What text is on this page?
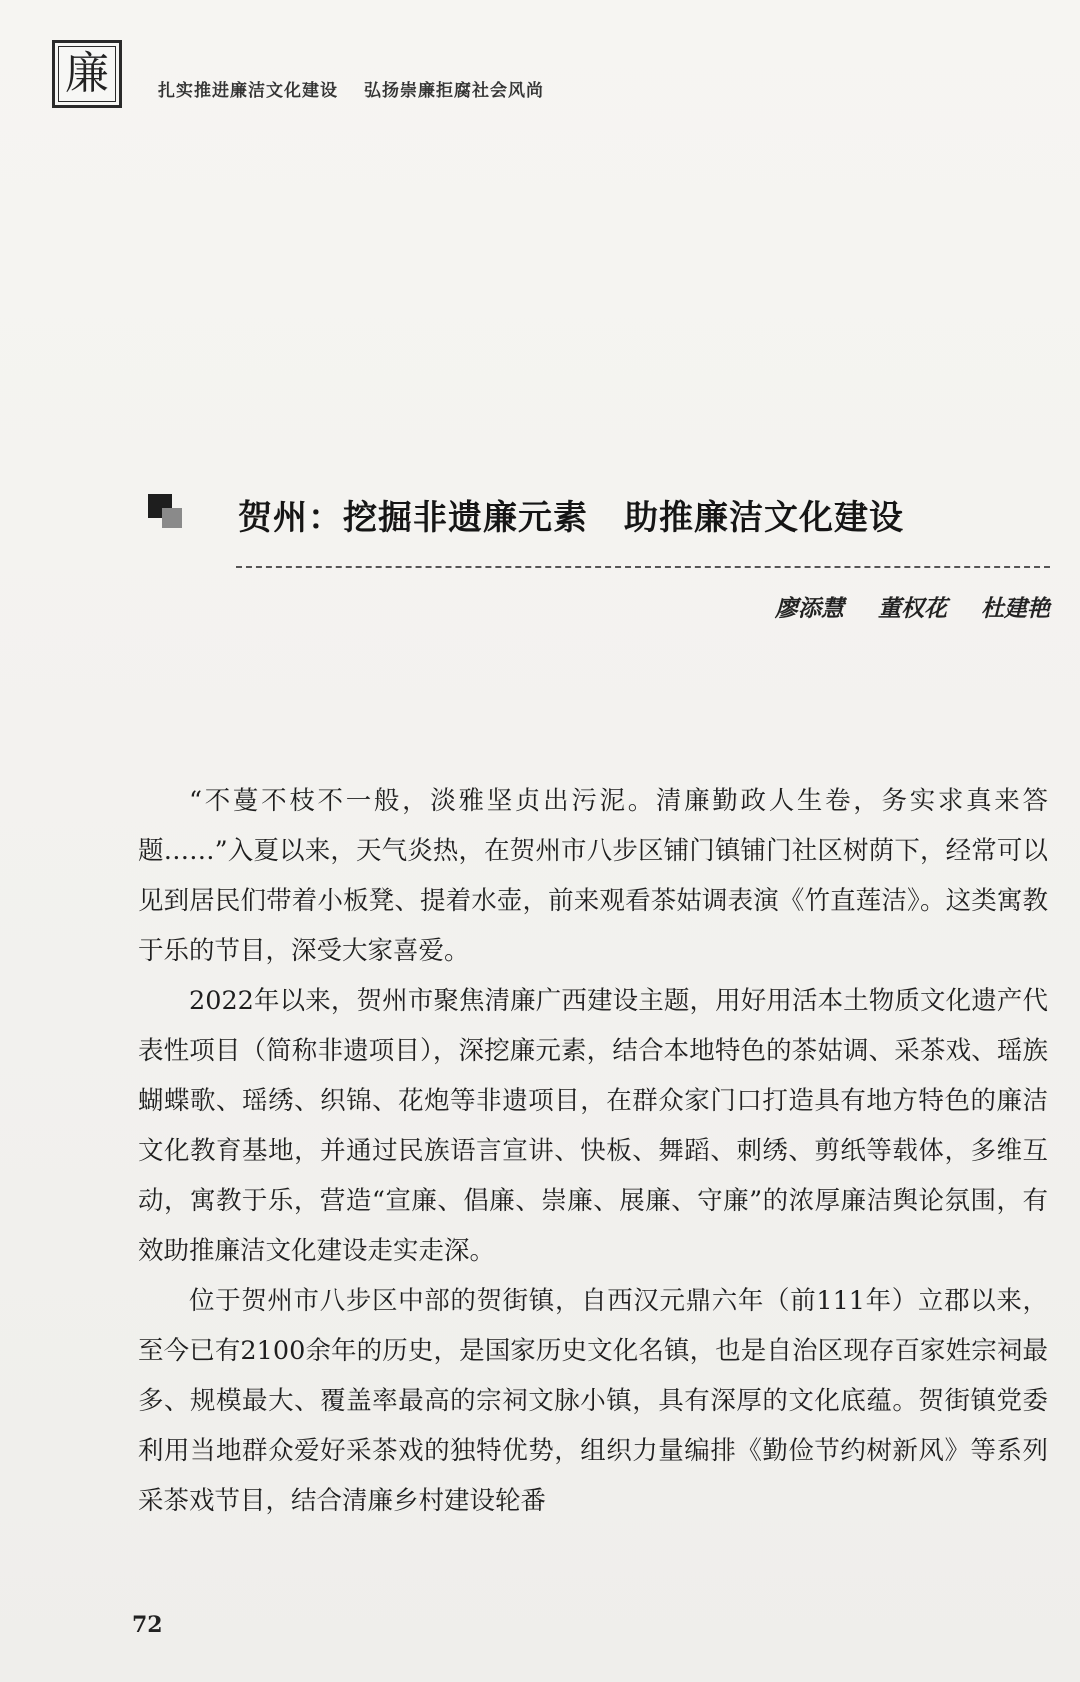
廉	扎实推进廉洁文化建设 弘扬崇廉拒腐社会风尚
贺州：挖掘非遗廉元素 助推廉洁文化建设
廖添慧 董权花 杜建艳

“不蔓不枝不一般，淡雅坚贞出污泥。清廉勤政人生卷，务实求真来答题……”入夏以来，天气炎热，在贺州市八步区铺门镇铺门社区树荫下，经常可以见到居民们带着小板凳、提着水壶，前来观看茶姑调表演《竹直莲洁》。这类寓教于乐的节目，深受大家喜爱。

2022年以来，贺州市聚焦清廉广西建设主题，用好用活本土物质文化遗产代表性项目（简称非遗项目），深挖廉元素，结合本地特色的茶姑调、采茶戏、瑶族蝴蝶歌、瑶绣、织锦、花炮等非遗项目，在群众家门口打造具有地方特色的廉洁文化教育基地，并通过民族语言宣讲、快板、舞蹈、刺绣、剪纸等载体，多维互动，寓教于乐，营造“宣廉、倡廉、崇廉、展廉、守廉”的浓厚廉洁舆论氛围，有效助推廉洁文化建设走实走深。

位于贺州市八步区中部的贺街镇，自西汉元鼎六年（前111年）立郡以来，至今已有2100余年的历史，是国家历史文化名镇，也是自治区现存百家姓宗祠最多、规模最大、覆盖率最高的宗祠文脉小镇，具有深厚的文化底蕴。贺街镇党委利用当地群众爱好采茶戏的独特优势，组织力量编排《勤俭节约树新风》等系列采茶戏节目，结合清廉乡村建设轮番

72
